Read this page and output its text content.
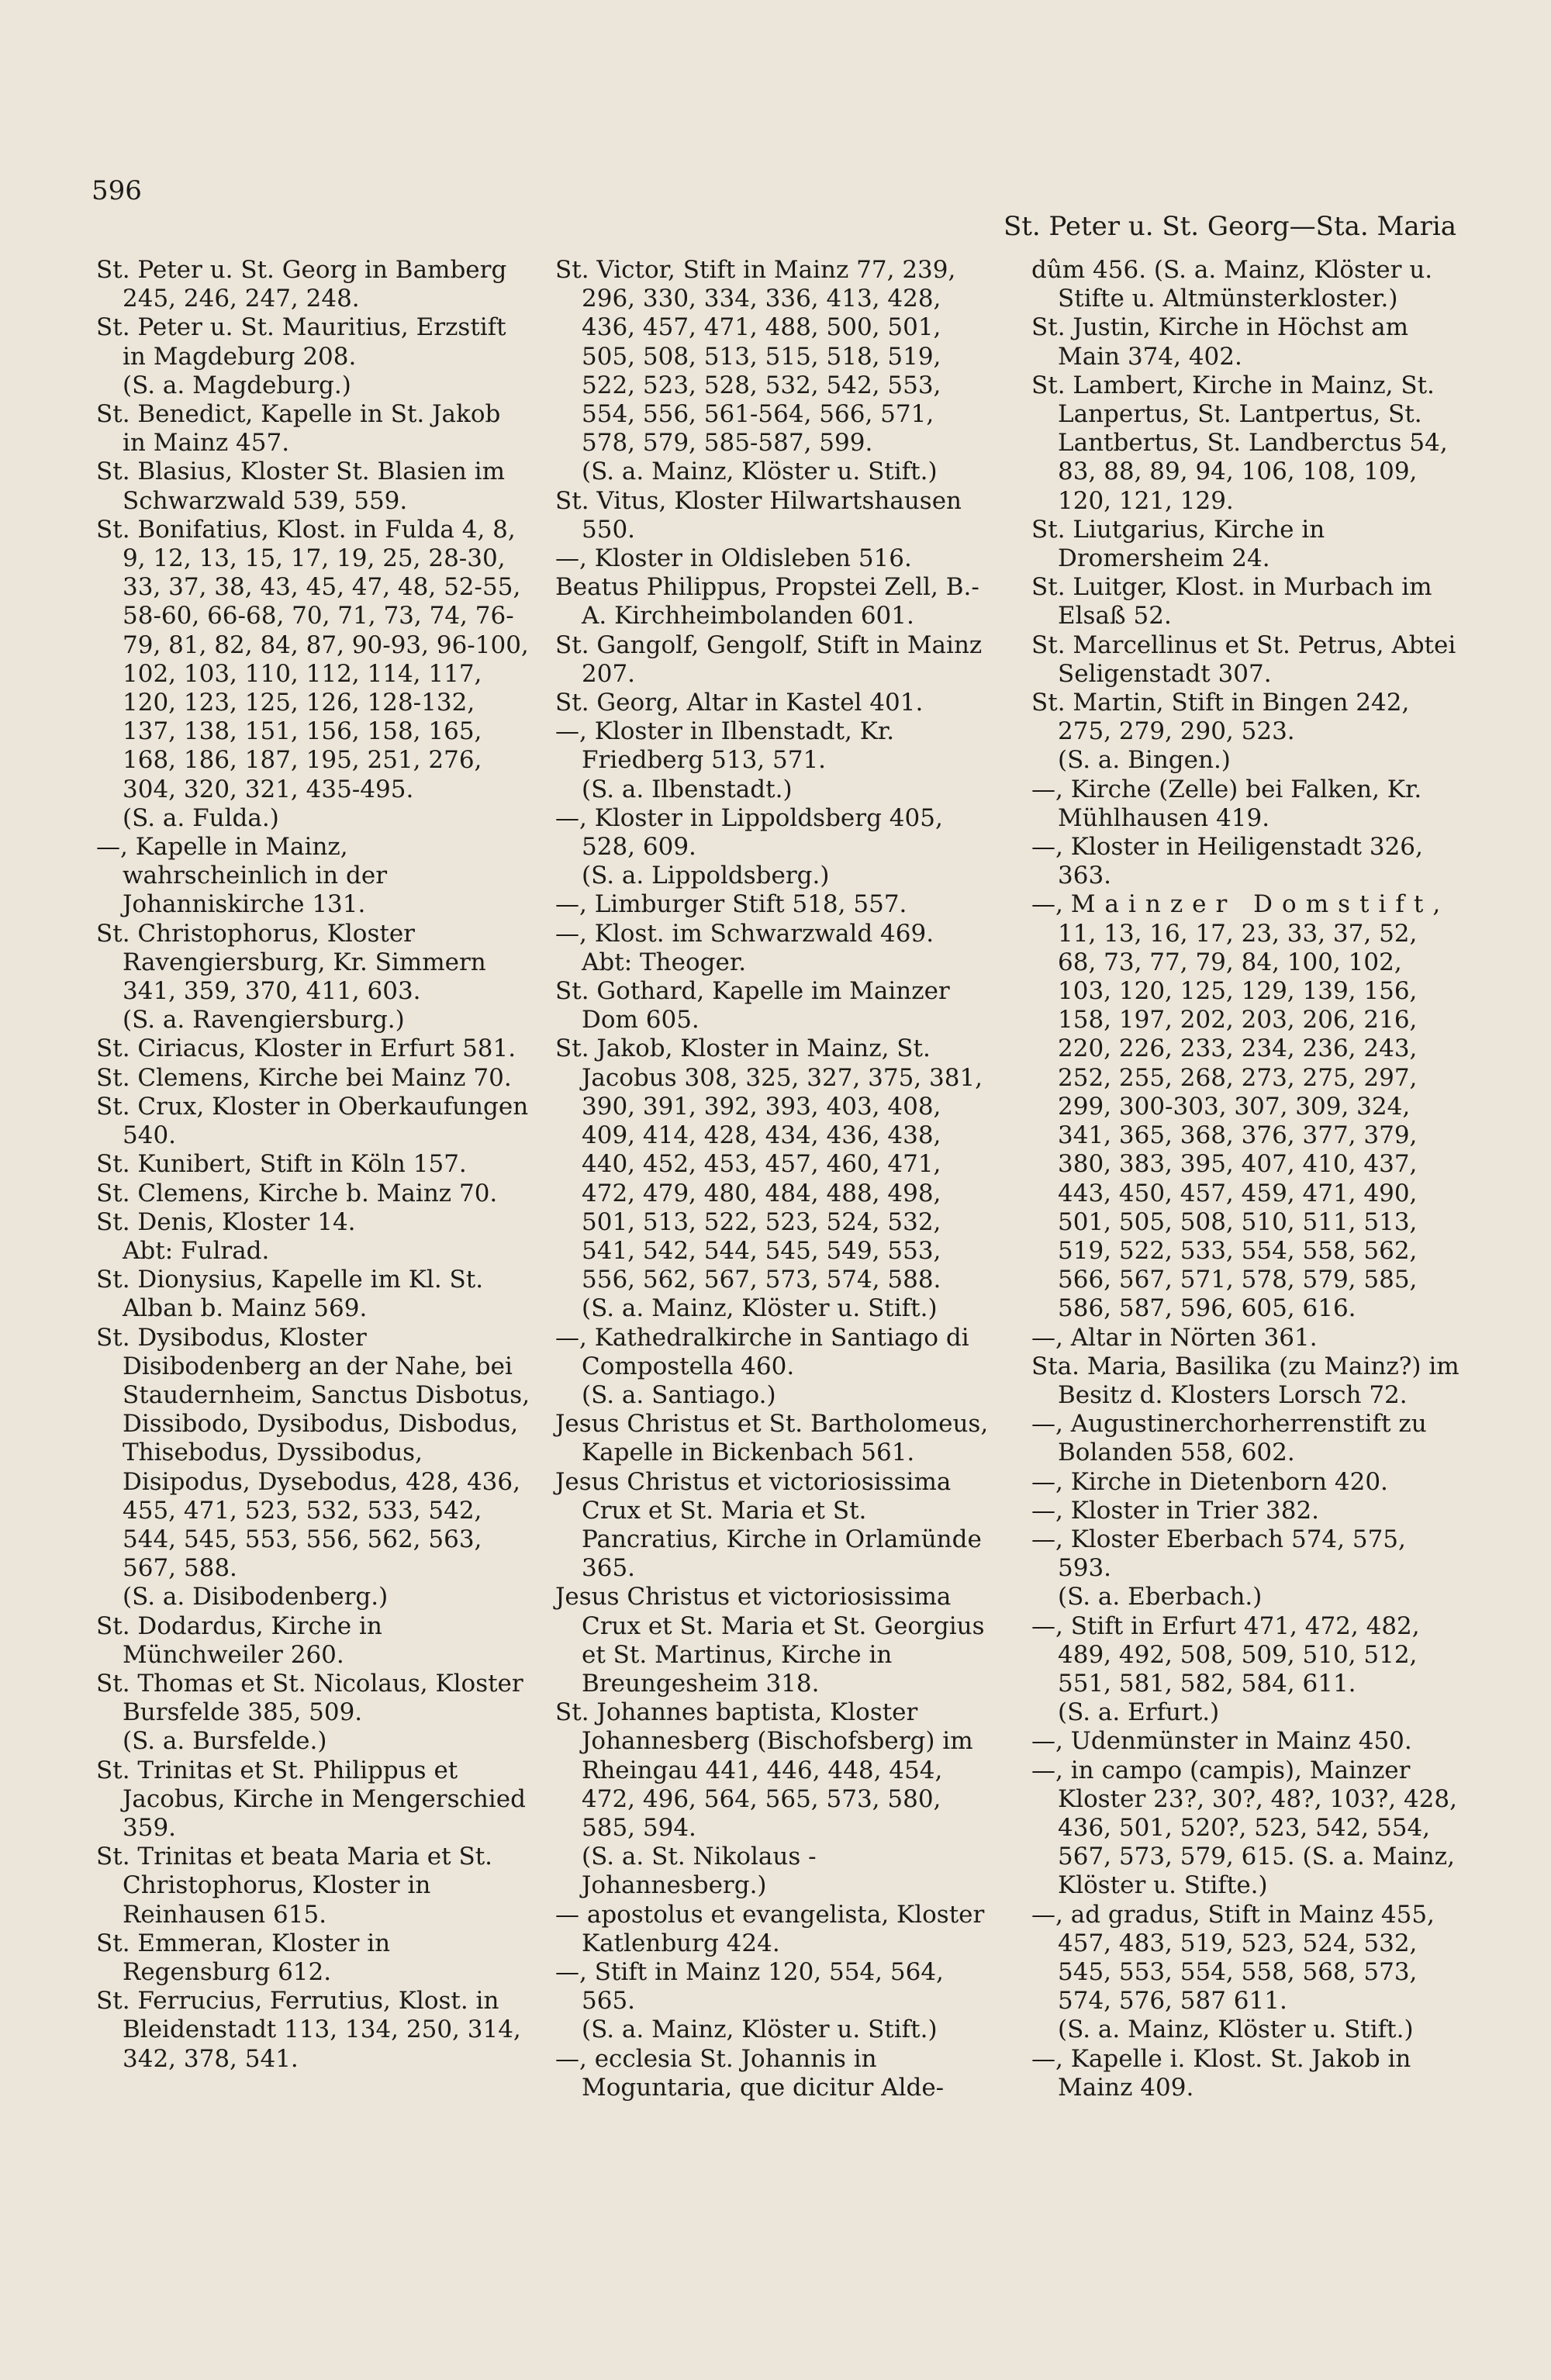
596
St. Peter u. St. Georg—Sta. Maria

St. Peter u. St. Georg in Bamberg 245, 246, 247, 248.

St. Peter u. St. Mauritius, Erzstift in Magdeburg 208.

(S. a. Magdeburg.)

St. Benedict, Kapelle in St. Jakob in Mainz 457.

St. Blasius, Kloster St. Blasien im Schwarzwald 539, 559.

St. Bonifatius, Klost. in Fulda 4, 8, 9, 12, 13, 15, 17, 19, 25, 28-30, 33, 37, 38, 43, 45, 47, 48, 52-55, 58-60, 66-68, 70, 71, 73, 74, 76-79, 81, 82, 84, 87, 90-93, 96-100, 102, 103, 110, 112, 114, 117, 120, 123, 125, 126, 128-132, 137, 138, 151, 156, 158, 165, 168, 186, 187, 195, 251, 276, 304, 320, 321, 435-495.

(S. a. Fulda.)

—, Kapelle in Mainz, wahrscheinlich in der Johanniskirche 131.

St. Christophorus, Kloster Ravengiersburg, Kr. Simmern 341, 359, 370, 411, 603.

(S. a. Ravengiersburg.)

St. Ciriacus, Kloster in Erfurt 581.

St. Clemens, Kirche bei Mainz 70.

St. Crux, Kloster in Oberkaufungen 540.

St. Kunibert, Stift in Köln 157.

St. Clemens, Kirche b. Mainz 70.

St. Denis, Kloster 14.

Abt: Fulrad.

St. Dionysius, Kapelle im Kl. St. Alban b. Mainz 569.

St. Dysibodus, Kloster Disibodenberg an der Nahe, bei Staudernheim, Sanctus Disbotus, Dissibodo, Dysibodus, Disbodus, Thisebodus, Dyssibodus, Disipodus, Dysebodus, 428, 436, 455, 471, 523, 532, 533, 542, 544, 545, 553, 556, 562, 563, 567, 588.

(S. a. Disibodenberg.)

St. Dodardus, Kirche in Münchweiler 260.

St. Thomas et St. Nicolaus, Kloster Bursfelde 385, 509.

(S. a. Bursfelde.)

St. Trinitas et St. Philippus et Jacobus, Kirche in Mengerschied 359.

St. Trinitas et beata Maria et St. Christophorus, Kloster in Reinhausen 615.

St. Emmeran, Kloster in Regensburg 612.

St. Ferrucius, Ferrutius, Klost. in Bleidenstadt 113, 134, 250, 314, 342, 378, 541.

St. Victor, Stift in Mainz 77, 239, 296, 330, 334, 336, 413, 428, 436, 457, 471, 488, 500, 501, 505, 508, 513, 515, 518, 519, 522, 523, 528, 532, 542, 553, 554, 556, 561-564, 566, 571, 578, 579, 585-587, 599.

(S. a. Mainz, Klöster u. Stift.)

St. Vitus, Kloster Hilwartshausen 550.

—, Kloster in Oldisleben 516.

Beatus Philippus, Propstei Zell, B.-A. Kirchheimbolanden 601.

St. Gangolf, Gengolf, Stift in Mainz 207.

St. Georg, Altar in Kastel 401.

—, Kloster in Ilbenstadt, Kr. Friedberg 513, 571.

(S. a. Ilbenstadt.)

—, Kloster in Lippoldsberg 405, 528, 609.

(S. a. Lippoldsberg.)

—, Limburger Stift 518, 557.

—, Klost. im Schwarzwald 469.

Abt: Theoger.

St. Gothard, Kapelle im Mainzer Dom 605.

St. Jakob, Kloster in Mainz, St. Jacobus 308, 325, 327, 375, 381, 390, 391, 392, 393, 403, 408, 409, 414, 428, 434, 436, 438, 440, 452, 453, 457, 460, 471, 472, 479, 480, 484, 488, 498, 501, 513, 522, 523, 524, 532, 541, 542, 544, 545, 549, 553, 556, 562, 567, 573, 574, 588.

(S. a. Mainz, Klöster u. Stift.)

—, Kathedralkirche in Santiago di Compostella 460.

(S. a. Santiago.)

Jesus Christus et St. Bartholomeus, Kapelle in Bickenbach 561.

Jesus Christus et victoriosissima Crux et St. Maria et St. Pancratius, Kirche in Orlamünde 365.

Jesus Christus et victoriosissima Crux et St. Maria et St. Georgius et St. Martinus, Kirche in Breungesheim 318.

St. Johannes baptista, Kloster Johannesberg (Bischofsberg) im Rheingau 441, 446, 448, 454, 472, 496, 564, 565, 573, 580, 585, 594.

(S. a. St. Nikolaus - Johannesberg.)

— apostolus et evangelista, Kloster Katlenburg 424.

—, Stift in Mainz 120, 554, 564, 565.

(S. a. Mainz, Klöster u. Stift.)

—, ecclesia St. Johannis in Moguntaria, que dicitur Alde-

dûm 456. (S. a. Mainz, Klöster u. Stifte u. Altmünsterkloster.)

St. Justin, Kirche in Höchst am Main 374, 402.

St. Lambert, Kirche in Mainz, St. Lanpertus, St. Lantpertus, St. Lantbertus, St. Landberctus 54, 83, 88, 89, 94, 106, 108, 109, 120, 121, 129.

St. Liutgarius, Kirche in Dromersheim 24.

St. Luitger, Klost. in Murbach im Elsaß 52.

St. Marcellinus et St. Petrus, Abtei Seligenstadt 307.

St. Martin, Stift in Bingen 242, 275, 279, 290, 523.

(S. a. Bingen.)

—, Kirche (Zelle) bei Falken, Kr. Mühlhausen 419.

—, Kloster in Heiligenstadt 326, 363.

—, Mainzer Domstift, 11, 13, 16, 17, 23, 33, 37, 52, 68, 73, 77, 79, 84, 100, 102, 103, 120, 125, 129, 139, 156, 158, 197, 202, 203, 206, 216, 220, 226, 233, 234, 236, 243, 252, 255, 268, 273, 275, 297, 299, 300-303, 307, 309, 324, 341, 365, 368, 376, 377, 379, 380, 383, 395, 407, 410, 437, 443, 450, 457, 459, 471, 490, 501, 505, 508, 510, 511, 513, 519, 522, 533, 554, 558, 562, 566, 567, 571, 578, 579, 585, 586, 587, 596, 605, 616.

—, Altar in Nörten 361.

Sta. Maria, Basilika (zu Mainz?) im Besitz d. Klosters Lorsch 72.

—, Augustinerchorherrenstift zu Bolanden 558, 602.

—, Kirche in Dietenborn 420.

—, Kloster in Trier 382.

—, Kloster Eberbach 574, 575, 593.

(S. a. Eberbach.)

—, Stift in Erfurt 471, 472, 482, 489, 492, 508, 509, 510, 512, 551, 581, 582, 584, 611.

(S. a. Erfurt.)

—, Udenmünster in Mainz 450.

—, in campo (campis), Mainzer Kloster 23?, 30?, 48?, 103?, 428, 436, 501, 520?, 523, 542, 554, 567, 573, 579, 615. (S. a. Mainz, Klöster u. Stifte.)

—, ad gradus, Stift in Mainz 455, 457, 483, 519, 523, 524, 532, 545, 553, 554, 558, 568, 573, 574, 576, 587 611.

(S. a. Mainz, Klöster u. Stift.)

—, Kapelle i. Klost. St. Jakob in Mainz 409.
